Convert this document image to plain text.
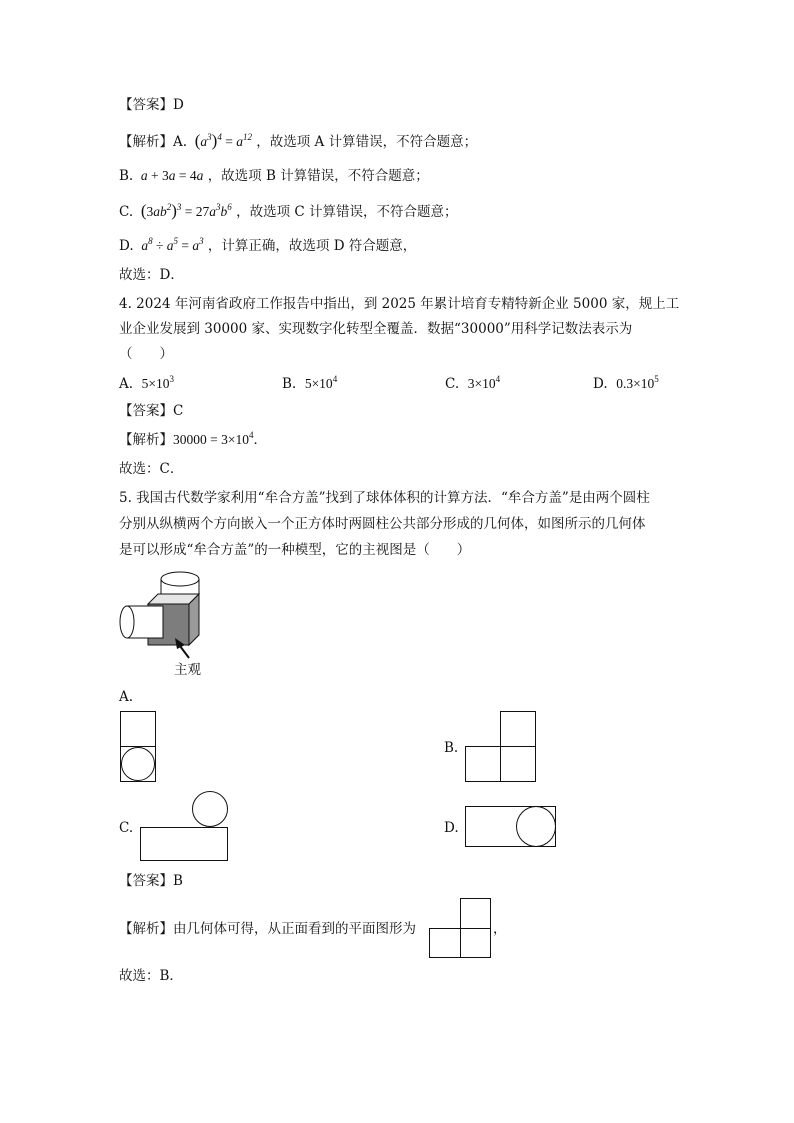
【答案】D
【解析】A. $(a^3)^4 = a^{12}$ ，故选项 A 计算错误，不符合题意；
B.  a + 3a = 4a ，故选项 B 计算错误，不符合题意；
C. $(3ab^2)^3 = 27a^3b^6$ ，故选项 C 计算错误，不符合题意；
D.  $a^8 \div a^5 = a^3$ ，计算正确，故选项 D 符合题意，
故选：D．
4. 2024 年河南省政府工作报告中指出，到 2025 年累计培育专精特新企业 5000 家，规上工
业企业发展到 30000 家、实现数字化转型全覆盖．数据“30000”用科学记数法表示为
（　　）
A. $5\times 10^3$	B. $5\times 10^4$	C. $3\times 10^4$	D. $0.3\times 10^5$
【答案】C
【解析】$30000 = 3\times 10^4$．
故选：C．
5. 我国古代数学家利用“牟合方盖”找到了球体体积的计算方法．“牟合方盖”是由两个圆柱
分别从纵横两个方向嵌入一个正方体时两圆柱公共部分形成的几何体，如图所示的几何体
是可以形成“牟合方盖”的一种模型，它的主视图是（　　）
主观
A.
B.
C.	D.
【答案】B
【解析】由几何体可得，从正面看到的平面图形为	，
故选：B．
